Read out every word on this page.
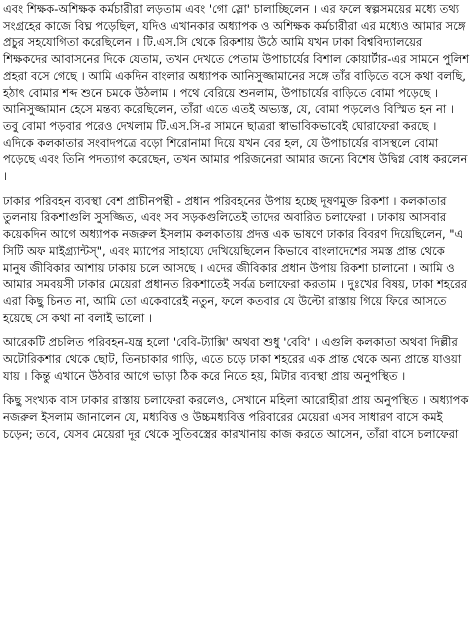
এবং শিক্ষক-অশিক্ষক কর্মচারীরা লড়তাম এবং 'গো স্লো' চালাচ্ছিলেন । এর ফলে স্বল্পসময়ের মধ্যে তথ্য সংগ্রহের কাজে বিঘ্ন পড়েছিল, যদিও এখানকার অধ্যাপক ও অশিক্ষক কর্মচারীরা এর মধ্যেও আমার সঙ্গে প্রচুর সহযোগিতা করেছিলেন । টি.এস.সি থেকে রিকশায় উঠে আমি যখন ঢাকা বিশ্ববিদ্যালয়ের শিক্ষকদের আবাসনের দিকে যেতাম, তখন দেখতে পেতাম উপাচার্যের বিশাল কোয়ার্টার-এর সামনে পুলিশ প্রহরা বসে গেছে । আমি একদিন বাংলার অধ্যাপক আনিসুজ্জামানের সঙ্গে তাঁর বাড়িতে বসে কথা বলছি, হঠাৎ বোমার শব্দ শুনে চমকে উঠলাম । পথে বেরিয়ে শুনলাম, উপাচার্যের বাড়িতে বোমা পড়েছে । আনিসুজ্জামান হেসে মন্তব্য করেছিলেন, তাঁরা এতে এতই অভ্যস্ত, যে, বোমা পড়লেও বিস্মিত হন না । তবু বোমা পড়বার পরেও দেখলাম টি.এস.সি-র সামনে ছাত্ররা স্বাভাবিকভাবেই ঘোরাফেরা করছে । এদিকে কলকাতার সংবাদপত্রে বড়ো শিরোনামা দিয়ে যখন বের হল, যে উপাচার্যের বাসস্থলে বোমা পড়েছে এবং তিনি পদত্যাগ করেছেন, তখন আমার পরিজনেরা আমার জন্যে বিশেষ উদ্বিগ্ন বোধ করলেন ।

ঢাকার পরিবহন ব্যবস্থা বেশ প্রাচীনপন্থী - প্রধান পরিবহনের উপায় হচ্ছে দূষণমুক্ত রিকশা । কলকাতার তুলনায় রিকশাগুলি সুসজ্জিত, এবং সব সড়কগুলিতেই তাদের অবারিত চলাফেরা । ঢাকায় আসবার কয়েকদিন আগে অধ্যাপক নজরুল ইসলাম কলকাতায় প্রদত্ত এক ভাষণে ঢাকার বিবরণ দিয়েছিলেন, "এ সিটি অফ মাইগ্র্যান্টস্", এবং ম্যাপের সাহায্যে দেখিয়েছিলেন কিভাবে বাংলাদেশের সমস্ত প্রান্ত থেকে মানুষ জীবিকার আশায় ঢাকায় চলে আসছে । এদের জীবিকার প্রধান উপায় রিকশা চালানো । আমি ও আমার সমবয়সী ঢাকার মেয়েরা প্রধানত রিকশাতেই সর্বত্র চলাফেরা করতাম । দুঃখের বিষয়, ঢাকা শহরের এরা কিছু চিনত না, আমি তো একেবারেই নতুন, ফলে কতবার যে উল্টো রাস্তায় গিয়ে ফিরে আসতে হয়েছে সে কথা না বলাই ভালো ।

আরেকটি প্রচলিত পরিবহন-যন্ত্র হলো 'বেবি-ট্যাক্সি' অথবা শুধু 'বেবি' । এগুলি কলকাতা অথবা দিল্লীর অটোরিকশার থেকে ছোট, তিনচাকার গাড়ি, এতে চড়ে ঢাকা শহরের এক প্রান্ত থেকে অন্য প্রান্তে যাওয়া যায় । কিন্তু এখানে উঠবার আগে ভাড়া ঠিক করে নিতে হয়, মিটার ব্যবস্থা প্রায় অনুপস্থিত ।

কিছু সংখ্যক বাস ঢাকার রাস্তায় চলাফেরা করলেও, সেখানে মহিলা আরোহীরা প্রায় অনুপস্থিত । অধ্যাপক নজরুল ইসলাম জানালেন যে, মধ্যবিত্ত ও উচ্চমধ্যবিত্ত পরিবারের মেয়েরা এসব সাধারণ বাসে কমই চড়েন; তবে, যেসব মেয়েরা দূর থেকে সুতিবস্ত্রের কারখানায় কাজ করতে আসেন, তাঁরা বাসে চলাফেরা
